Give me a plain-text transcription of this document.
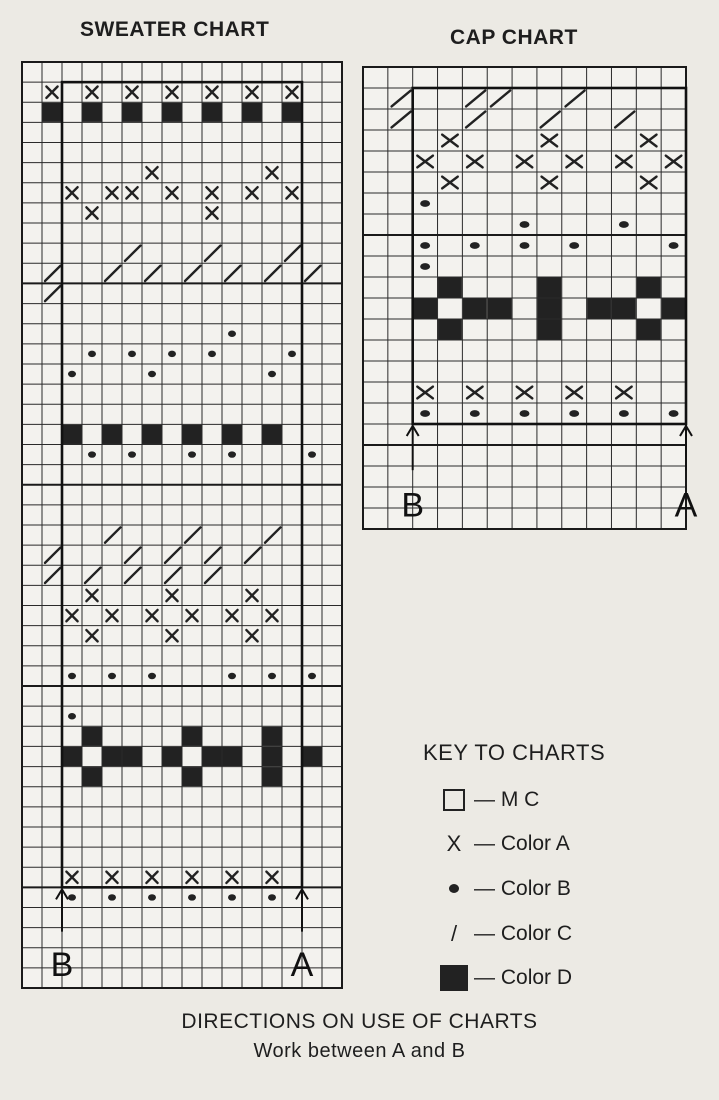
SWEATER CHART	CAP CHART
B	A
B	A
KEY TO CHARTS
— M C
X — Color A
— Color B
/ — Color C
— Color D
DIRECTIONS ON USE OF CHARTS
Work between A and B
